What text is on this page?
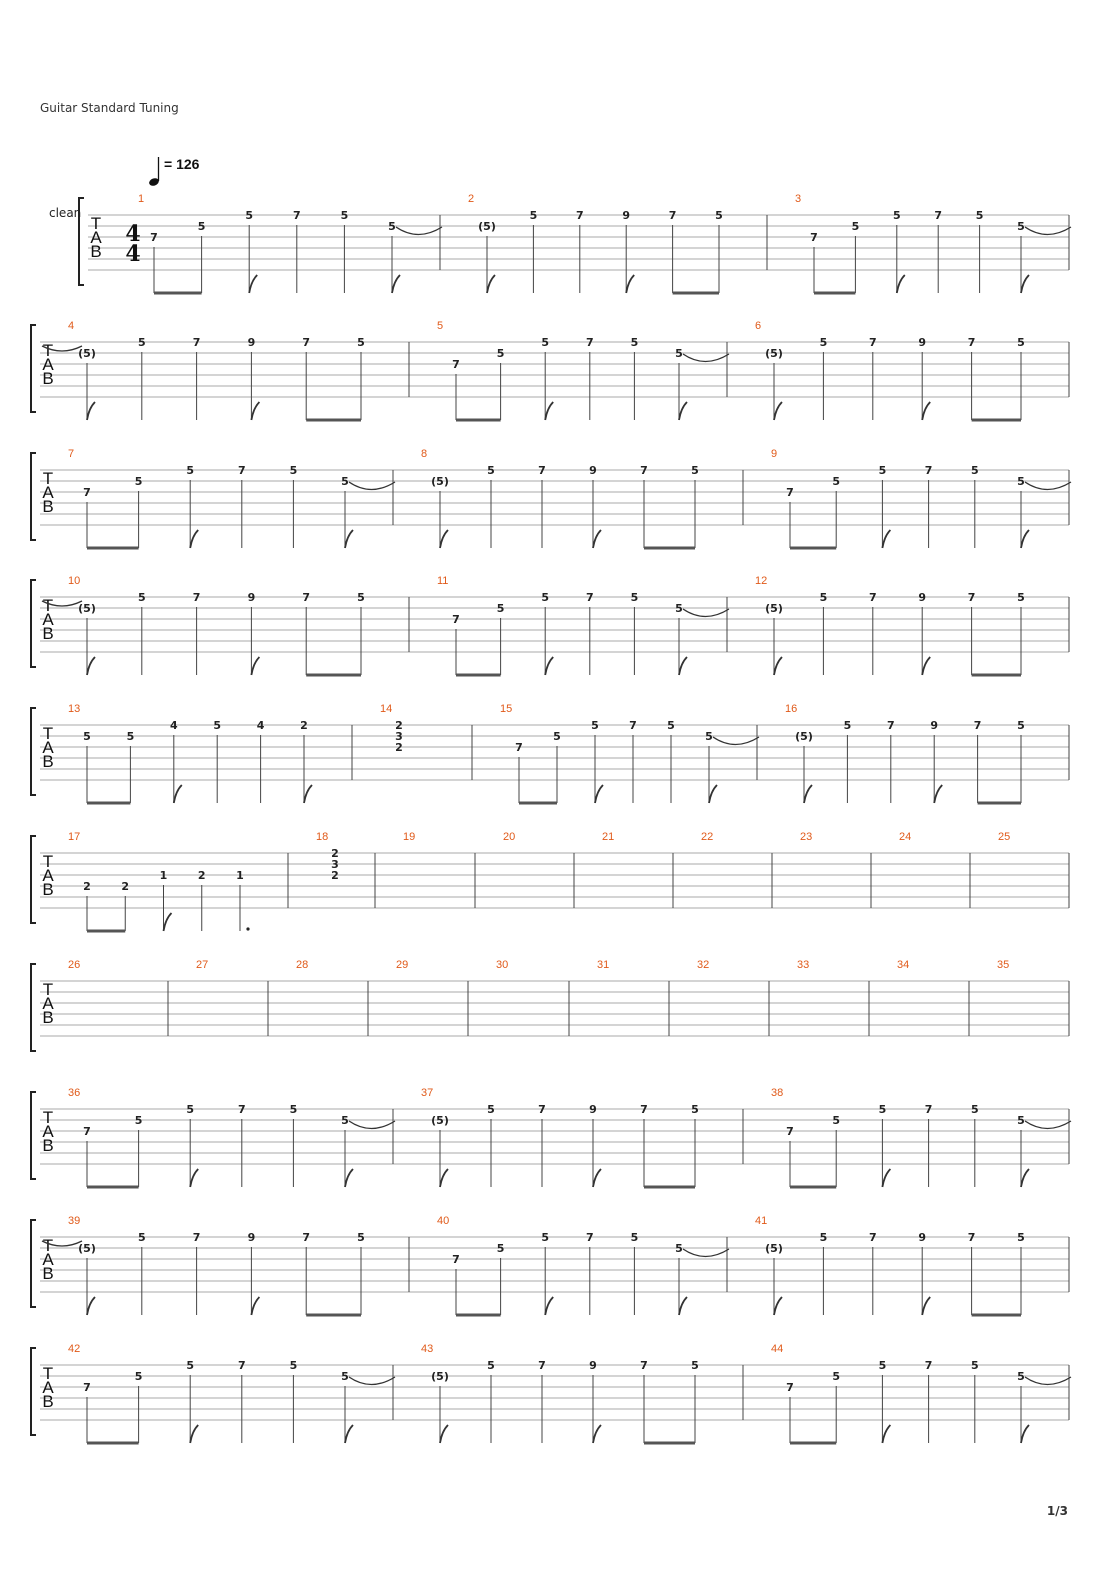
Guitar Standard Tuning
clean
= 126
T
A
B
4
4
1
7
5
5	7	5
5
2
(5)
5	7	9	7	5
3
7
5
5	7	5
5
T
A
B
4
(5)
5	7	9	7	5
5
7
5
5	7	5
5
6
(5)
5	7	9	7	5
T
A
B
7
7
5
5	7	5
5
8
(5)
5	7	9	7	5
9
7
5
5	7	5
5
T
A
B
10
(5)
5	7	9	7	5
11
7
5
5	7	5
5
12
(5)
5	7	9	7	5
T
A
B
13
5	5
4	5	4	2
14
2
3
2
15
7
5
5	7	5
5
16
(5)
5	7	9	7	5
T
A
B
17
2	2
1	2	1
18
2
3
2
19	20	21	22	23	24	25
T
A
B
26	27	28	29	30	31	32	33	34	35
T
A
B
36
7
5
5	7	5
5
37
(5)
5	7	9	7	5
38
7
5
5	7	5
5
T
A
B
39
(5)
5	7	9	7	5
40
7
5
5	7	5
5
41
(5)
5	7	9	7	5
T
A
B
42
7
5
5	7	5
5
43
(5)
5	7	9	7	5
44
7
5
5	7	5
5
1/3
